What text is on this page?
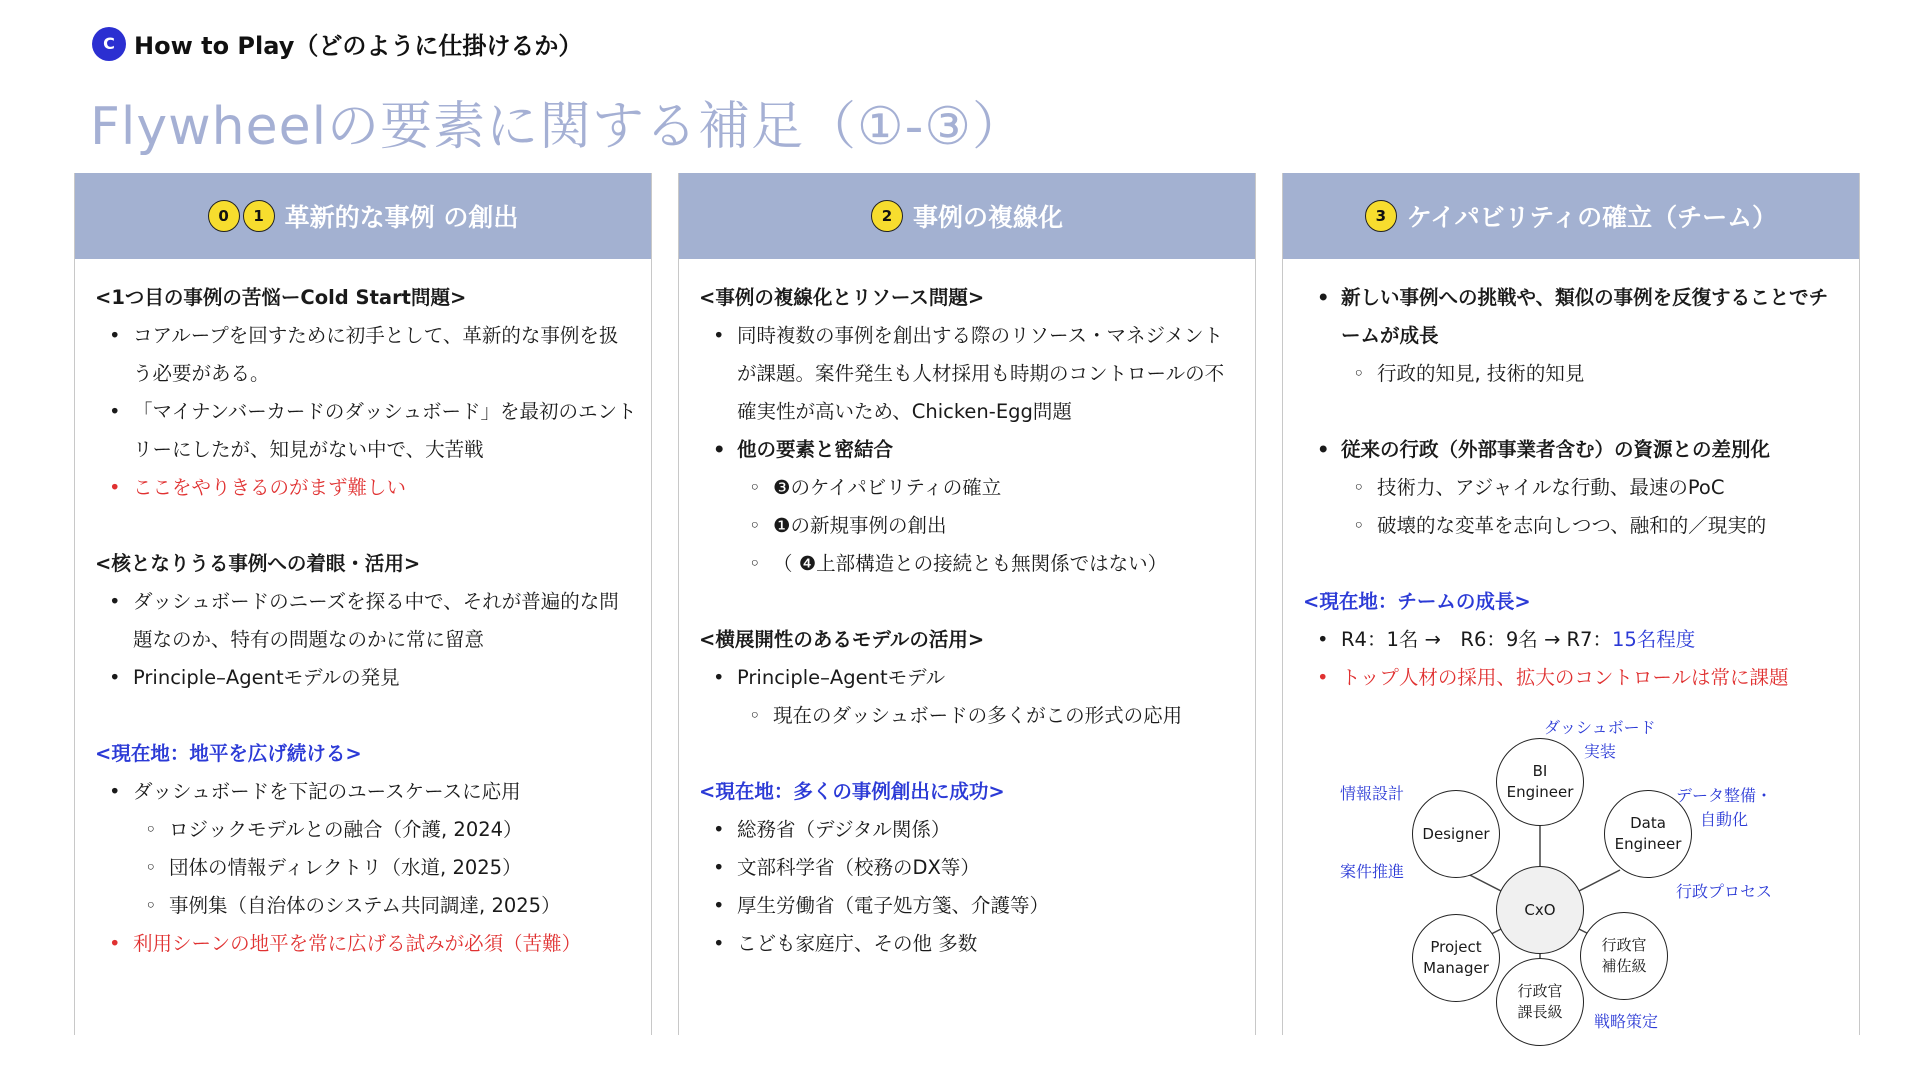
C How to Play（どのように仕掛けるか）
Flywheelの要素に関する補足（①-③）
0	1 革新的な事例 の創出
<1つ目の事例の苦悩ーCold Start問題>
• コアループを回すために初手として、革新的な事例を扱う必要がある。
• 「マイナンバーカードのダッシュボード」を最初のエントリーにしたが、知見がない中で、大苦戦
• ここをやりきるのがまず難しい
<核となりうる事例への着眼・活用>
• ダッシュボードのニーズを探る中で、それが普遍的な問題なのか、特有の問題なのかに常に留意
• Principle–Agentモデルの発見
<現在地：地平を広げ続ける>
• ダッシュボードを下記のユースケースに応用
◦ ロジックモデルとの融合（介護, 2024）
◦ 団体の情報ディレクトリ（水道, 2025）
◦ 事例集（自治体のシステム共同調達, 2025）
• 利用シーンの地平を常に広げる試みが必須（苦難）
2 事例の複線化
<事例の複線化とリソース問題>
• 同時複数の事例を創出する際のリソース・マネジメントが課題。案件発生も人材採用も時期のコントロールの不確実性が高いため、Chicken-Egg問題
• 他の要素と密結合
◦ ❸のケイパビリティの確立
◦ ❶の新規事例の創出
◦ （ ❹上部構造との接続とも無関係ではない）
<横展開性のあるモデルの活用>
• Principle–Agentモデル
◦ 現在のダッシュボードの多くがこの形式の応用
<現在地：多くの事例創出に成功>
• 総務省（デジタル関係）
• 文部科学省（校務のDX等）
• 厚生労働省（電子処方箋、介護等）
• こども家庭庁、その他 多数
3 ケイパビリティの確立（チーム）
• 新しい事例への挑戦や、類似の事例を反復することでチームが成長
◦ 行政的知見, 技術的知見
• 従来の行政（外部事業者含む）の資源との差別化
◦ 技術力、アジャイルな行動、最速のPoC
◦ 破壊的な変革を志向しつつ、融和的／現実的
<現在地：チームの成長>
• R4：1名 →　R6：9名 → R7：15名程度
• トップ人材の採用、拡大のコントロールは常に課題
CxO
BI
Engineer
Data
Engineer
Designer
Project
Manager
行政官
補佐級
行政官
課長級
ダッシュボード
実装
情報設計	データ整備・
自動化
案件推進
行政プロセス
戦略策定
